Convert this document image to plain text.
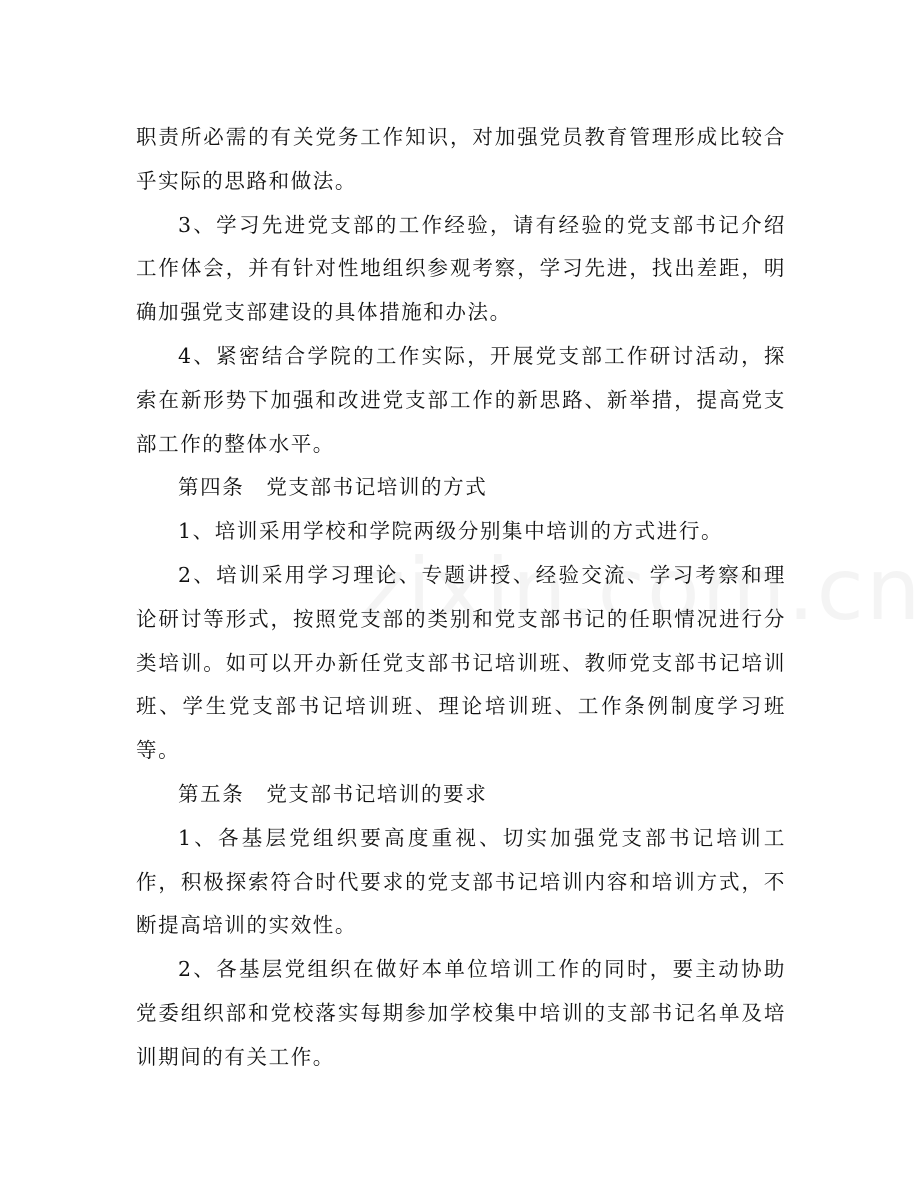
职责所必需的有关党务工作知识，对加强党员教育管理形成比较合乎实际的思路和做法。

3、学习先进党支部的工作经验，请有经验的党支部书记介绍工作体会，并有针对性地组织参观考察，学习先进，找出差距，明确加强党支部建设的具体措施和办法。

4、紧密结合学院的工作实际，开展党支部工作研讨活动，探索在新形势下加强和改进党支部工作的新思路、新举措，提高党支部工作的整体水平。

第四条 党支部书记培训的方式

1、培训采用学校和学院两级分别集中培训的方式进行。

2、培训采用学习理论、专题讲授、经验交流、学习考察和理论研讨等形式，按照党支部的类别和党支部书记的任职情况进行分类培训。如可以开办新任党支部书记培训班、教师党支部书记培训班、学生党支部书记培训班、理论培训班、工作条例制度学习班等。

第五条 党支部书记培训的要求

1、各基层党组织要高度重视、切实加强党支部书记培训工作，积极探索符合时代要求的党支部书记培训内容和培训方式，不断提高培训的实效性。

2、各基层党组织在做好本单位培训工作的同时，要主动协助党委组织部和党校落实每期参加学校集中培训的支部书记名单及培训期间的有关工作。
